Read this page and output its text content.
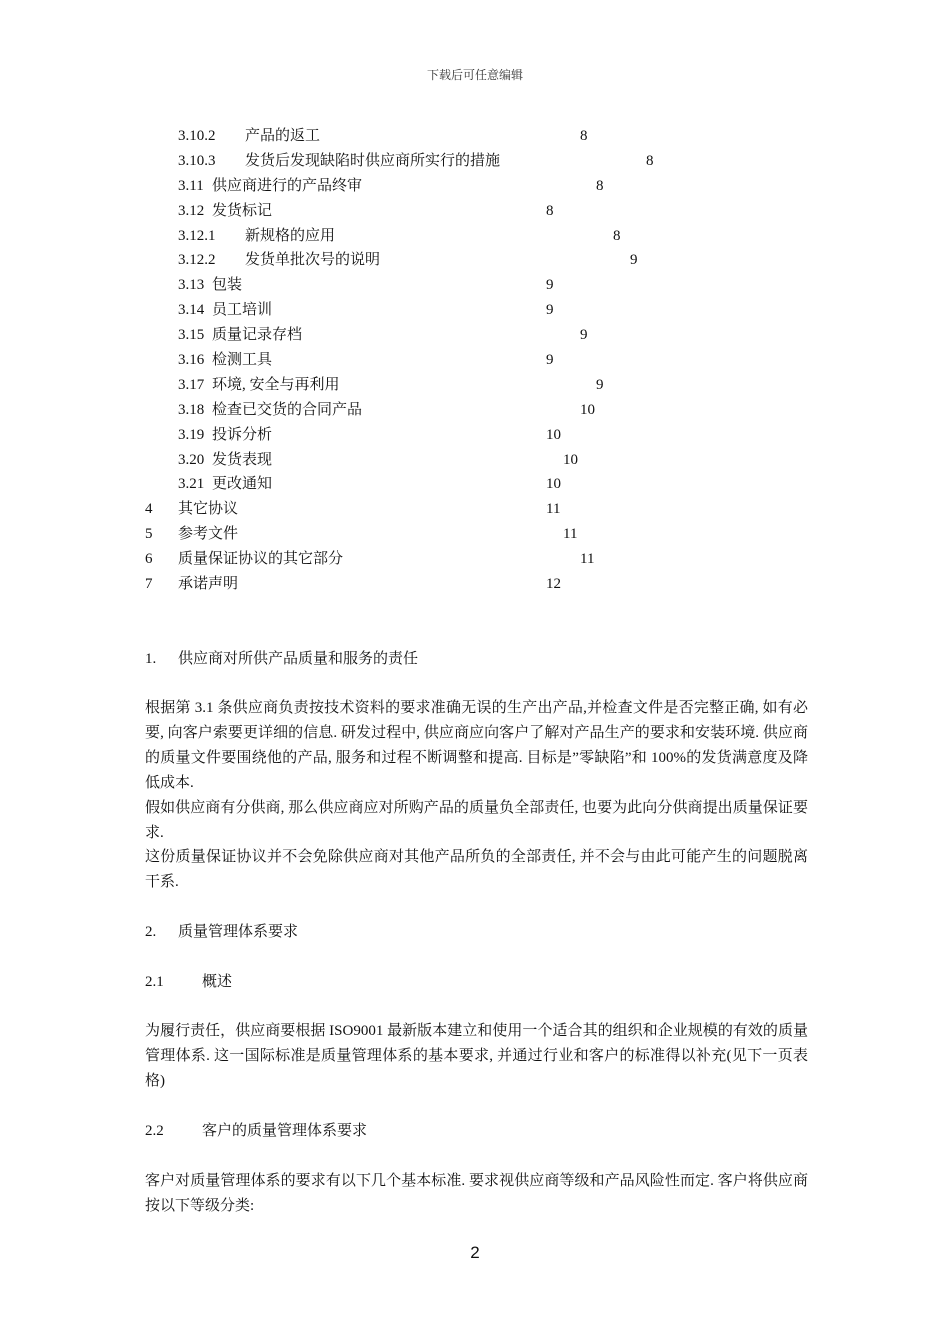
下载后可任意编辑
3.10.2 产品的返工	8
3.10.3 发货后发现缺陷时供应商所实行的措施	8
3.11 供应商进行的产品终审	8
3.12 发货标记	8
3.12.1 新规格的应用	8
3.12.2 发货单批次号的说明	9
3.13 包装	9
3.14 员工培训	9
3.15 质量记录存档	9
3.16 检测工具	9
3.17 环境, 安全与再利用	9
3.18 检查已交货的合同产品	10
3.19 投诉分析	10
3.20 发货表现	10
3.21 更改通知	10
4 其它协议	11
5 参考文件	11
6 质量保证协议的其它部分	11
7 承诺声明	12
1. 供应商对所供产品质量和服务的责任

根据第 3.1 条供应商负责按技术资料的要求准确无误的生产出产品,并检查文件是否完整正确, 如有必要, 向客户索要更详细的信息. 研发过程中, 供应商应向客户了解对产品生产的要求和安装环境. 供应商的质量文件要围绕他的产品, 服务和过程不断调整和提高. 目标是”零缺陷”和 100%的发货满意度及降低成本.

假如供应商有分供商, 那么供应商应对所购产品的质量负全部责任, 也要为此向分供商提出质量保证要求.

这份质量保证协议并不会免除供应商对其他产品所负的全部责任, 并不会与由此可能产生的问题脱离干系.

2. 质量管理体系要求
2.1	概述

为履行责任，供应商要根据 ISO9001 最新版本建立和使用一个适合其的组织和企业规模的有效的质量管理体系. 这一国际标准是质量管理体系的基本要求, 并通过行业和客户的标准得以补充(见下一页表格)

2.2	客户的质量管理体系要求

客户对质量管理体系的要求有以下几个基本标准. 要求视供应商等级和产品风险性而定. 客户将供应商按以下等级分类:

2
